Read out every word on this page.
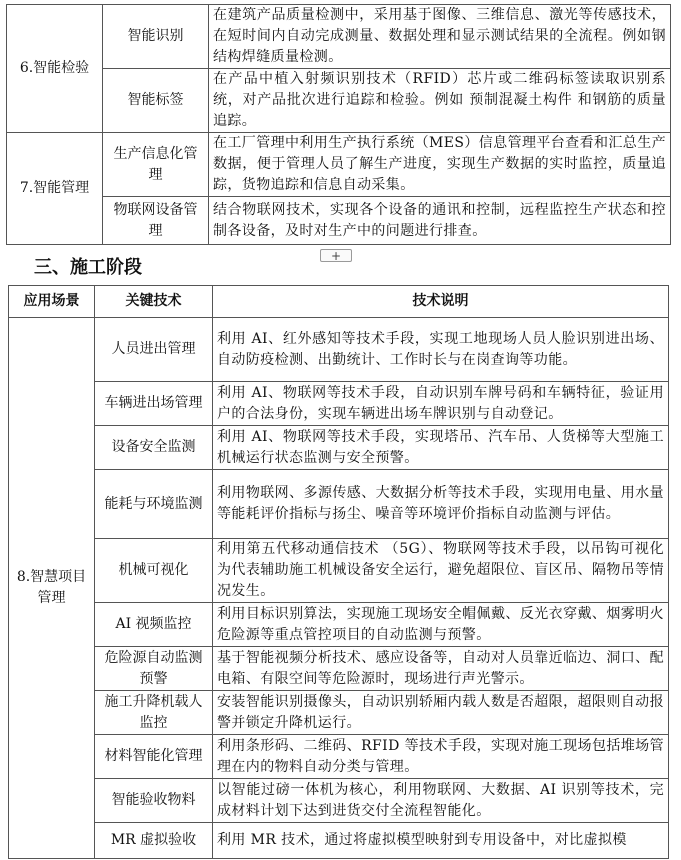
6.智能检验	智能识别	在建筑产品质量检测中，采用基于图像、三维信息、激光等传感技术，在短时间内自动完成测量、数据处理和显示测试结果的全流程。例如钢结构焊缝质量检测。
	智能标签	在产品中植入射频识别技术（RFID）芯片或二维码标签读取识别系统，对产品批次进行追踪和检验。例如 预制混凝土构件 和钢筋的质量追踪。
7.智能管理	生产信息化管理	在工厂管理中利用生产执行系统（MES）信息管理平台查看和汇总生产数据，便于管理人员了解生产进度，实现生产数据的实时监控，质量追踪，货物追踪和信息自动采集。
	物联网设备管理	结合物联网技术，实现各个设备的通讯和控制，远程监控生产状态和控制各设备，及时对生产中的问题进行排查。
+
三、施工阶段
应用场景	关键技术	技术说明
8.智慧项目管理	人员进出管理	利用 AI、红外感知等技术手段，实现工地现场人员人脸识别进出场、自动防疫检测、出勤统计、工作时长与在岗查询等功能。
	车辆进出场管理	利用 AI、物联网等技术手段，自动识别车牌号码和车辆特征，验证用户的合法身份，实现车辆进出场车牌识别与自动登记。
	设备安全监测	利用 AI、物联网等技术手段，实现塔吊、汽车吊、人货梯等大型施工机械运行状态监测与安全预警。
	能耗与环境监测	利用物联网、多源传感、大数据分析等技术手段，实现用电量、用水量等能耗评价指标与扬尘、噪音等环境评价指标自动监测与评估。
	机械可视化	利用第五代移动通信技术 （5G）、物联网等技术手段，以吊钩可视化为代表辅助施工机械设备安全运行，避免超限位、盲区吊、隔物吊等情况发生。
	AI 视频监控	利用目标识别算法，实现施工现场安全帽佩戴、反光衣穿戴、烟雾明火危险源等重点管控项目的自动监测与预警。
	危险源自动监测预警	基于智能视频分析技术、感应设备等，自动对人员靠近临边、洞口、配电箱、有限空间等危险源时，现场进行声光警示。
	施工升降机载人监控	安装智能识别摄像头，自动识别轿厢内载人数是否超限，超限则自动报警并锁定升降机运行。
	材料智能化管理	利用条形码、二维码、RFID 等技术手段，实现对施工现场包括堆场管理在内的物料自动分类与管理。
	智能验收物料	以智能过磅一体机为核心，利用物联网、大数据、AI 识别等技术，完成材料计划下达到进货交付全流程智能化。
	MR 虚拟验收	利用 MR 技术，通过将虚拟模型映射到专用设备中，对比虚拟模
